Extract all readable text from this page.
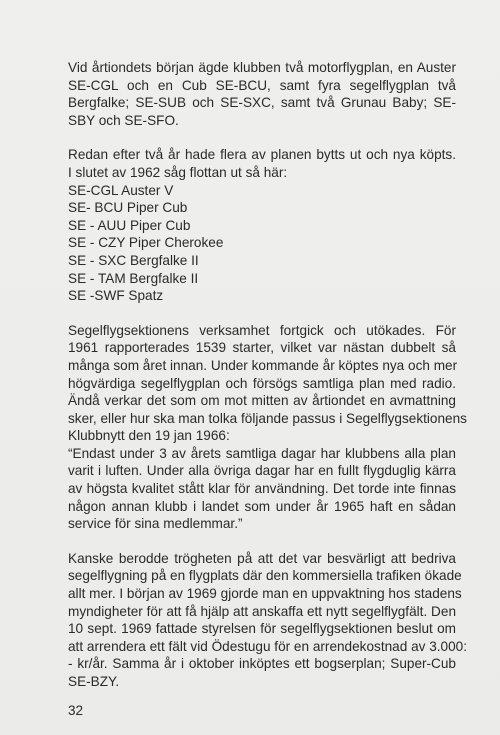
Vid årtiondets början ägde klubben två motorflygplan, en Auster
SE-CGL och en Cub SE-BCU, samt fyra segelflygplan två
Bergfalke; SE-SUB och SE-SXC, samt två Grunau Baby; SE-
SBY och SE-SFO.

Redan efter två år hade flera av planen bytts ut och nya köpts.
I slutet av 1962 såg flottan ut så här:
SE-CGL Auster V
SE- BCU Piper Cub
SE - AUU Piper Cub
SE - CZY Piper Cherokee
SE - SXC Bergfalke II
SE - TAM Bergfalke II
SE -SWF Spatz

Segelflygsektionens verksamhet fortgick och utökades. För
1961 rapporterades 1539 starter, vilket var nästan dubbelt så
många som året innan. Under kommande år köptes nya och mer
högvärdiga segelflygplan och försögs samtliga plan med radio.
Ändå verkar det som om mot mitten av årtiondet en avmattning
sker, eller hur ska man tolka följande passus i Segelflygsektionens
Klubbnytt den 19 jan 1966:
“Endast under 3 av årets samtliga dagar har klubbens alla plan
varit i luften. Under alla övriga dagar har en fullt flygduglig kärra
av högsta kvalitet stått klar för användning. Det torde inte finnas
någon annan klubb i landet som under år 1965 haft en sådan
service för sina medlemmar.”

Kanske berodde trögheten på att det var besvärligt att bedriva
segelflygning på en flygplats där den kommersiella trafiken ökade
allt mer. I början av 1969 gjorde man en uppvaktning hos stadens
myndigheter för att få hjälp att anskaffa ett nytt segelflygfält. Den
10 sept. 1969 fattade styrelsen för segelflygsektionen beslut om
att arrendera ett fält vid Ödestugu för en arrendekostnad av 3.000:
- kr/år. Samma år i oktober inköptes ett bogserplan; Super-Cub
SE-BZY.

32
